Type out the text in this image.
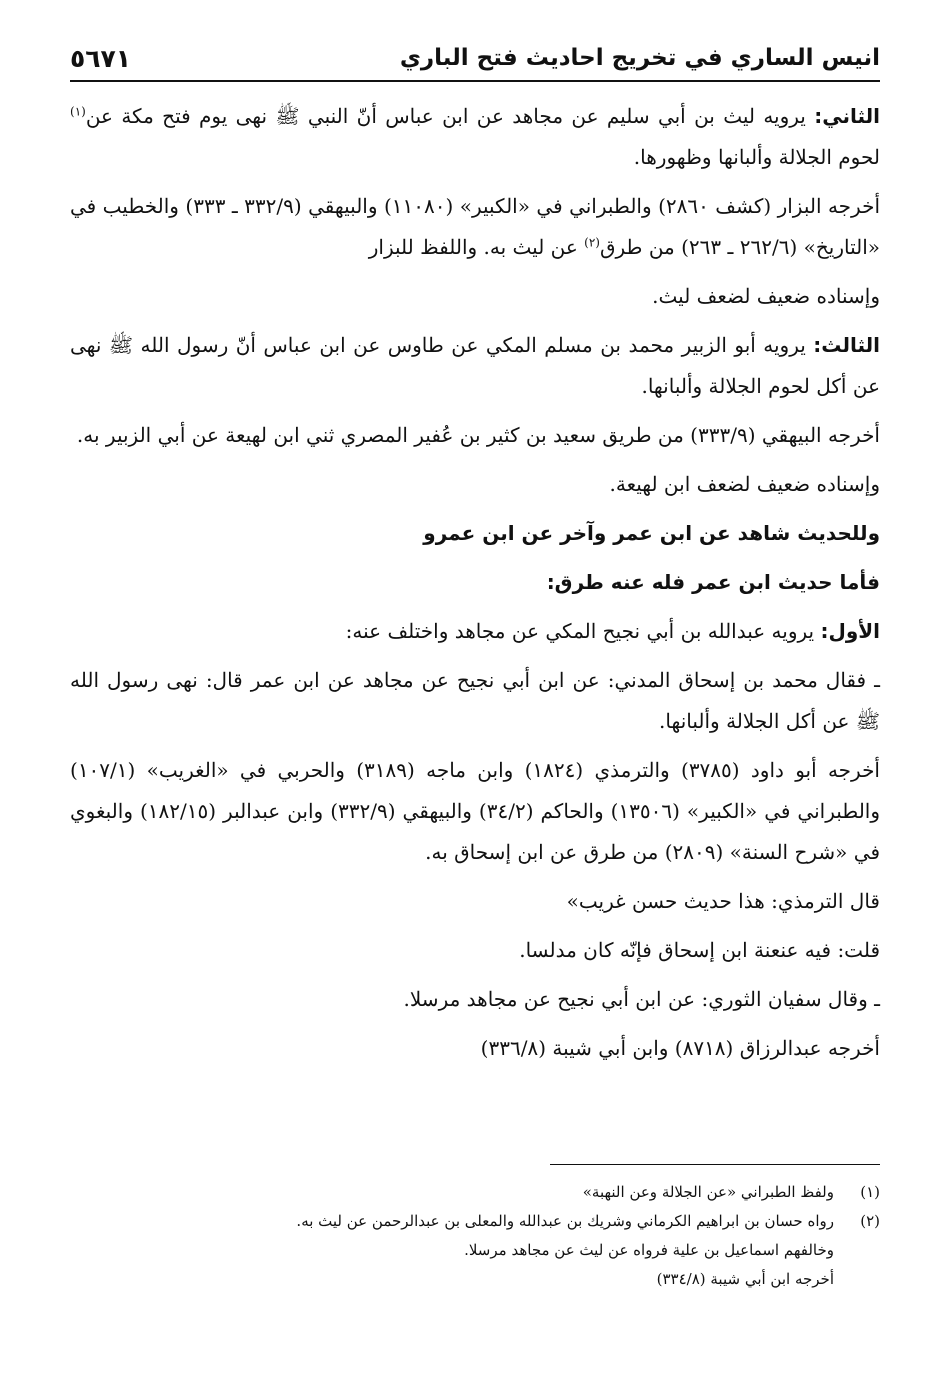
انيس الساري في تخريج احاديث فتح الباري
٥٦٧١

الثاني: يرويه ليث بن أبي سليم عن مجاهد عن ابن عباس أنّ النبي ﷺ نهى يوم فتح مكة عن$^{(١)}$ لحوم الجلالة وألبانها وظهورها.

أخرجه البزار (كشف ٢٨٦٠) والطبراني في «الكبير» (١١٠٨٠) والبيهقي (٣٣٢/٩ ـ ٣٣٣) والخطيب في «التاريخ» (٢٦٢/٦ ـ ٢٦٣) من طرق$^{(٢)}$ عن ليث به. واللفظ للبزار

وإسناده ضعيف لضعف ليث.

الثالث: يرويه أبو الزبير محمد بن مسلم المكي عن طاوس عن ابن عباس أنّ رسول الله ﷺ نهى عن أكل لحوم الجلالة وألبانها.

أخرجه البيهقي (٣٣٣/٩) من طريق سعيد بن كثير بن عُفير المصري ثني ابن لهيعة عن أبي الزبير به.

وإسناده ضعيف لضعف ابن لهيعة.

وللحديث شاهد عن ابن عمر وآخر عن ابن عمرو

فأما حديث ابن عمر فله عنه طرق:

الأول: يرويه عبدالله بن أبي نجيح المكي عن مجاهد واختلف عنه:

ـ فقال محمد بن إسحاق المدني: عن ابن أبي نجيح عن مجاهد عن ابن عمر قال: نهى رسول الله ﷺ عن أكل الجلالة وألبانها.

أخرجه أبو داود (٣٧٨٥) والترمذي (١٨٢٤) وابن ماجه (٣١٨٩) والحربي في «الغريب» (١٠٧/١) والطبراني في «الكبير» (١٣٥٠٦) والحاكم (٣٤/٢) والبيهقي (٣٣٢/٩) وابن عبدالبر (١٨٢/١٥) والبغوي في «شرح السنة» (٢٨٠٩) من طرق عن ابن إسحاق به.

قال الترمذي: هذا حديث حسن غريب»

قلت: فيه عنعنة ابن إسحاق فإنّه كان مدلسا.

ـ وقال سفيان الثوري: عن ابن أبي نجيح عن مجاهد مرسلا.

أخرجه عبدالرزاق (٨٧١٨) وابن أبي شيبة (٣٣٦/٨)

(١)
ولفظ الطبراني «عن الجلالة وعن النهبة»
(٢)
رواه حسان بن ابراهيم الكرماني وشريك بن عبدالله والمعلى بن عبدالرحمن عن ليث به.
وخالفهم اسماعيل بن علية فرواه عن ليث عن مجاهد مرسلا.
أخرجه ابن أبي شيبة (٣٣٤/٨)
